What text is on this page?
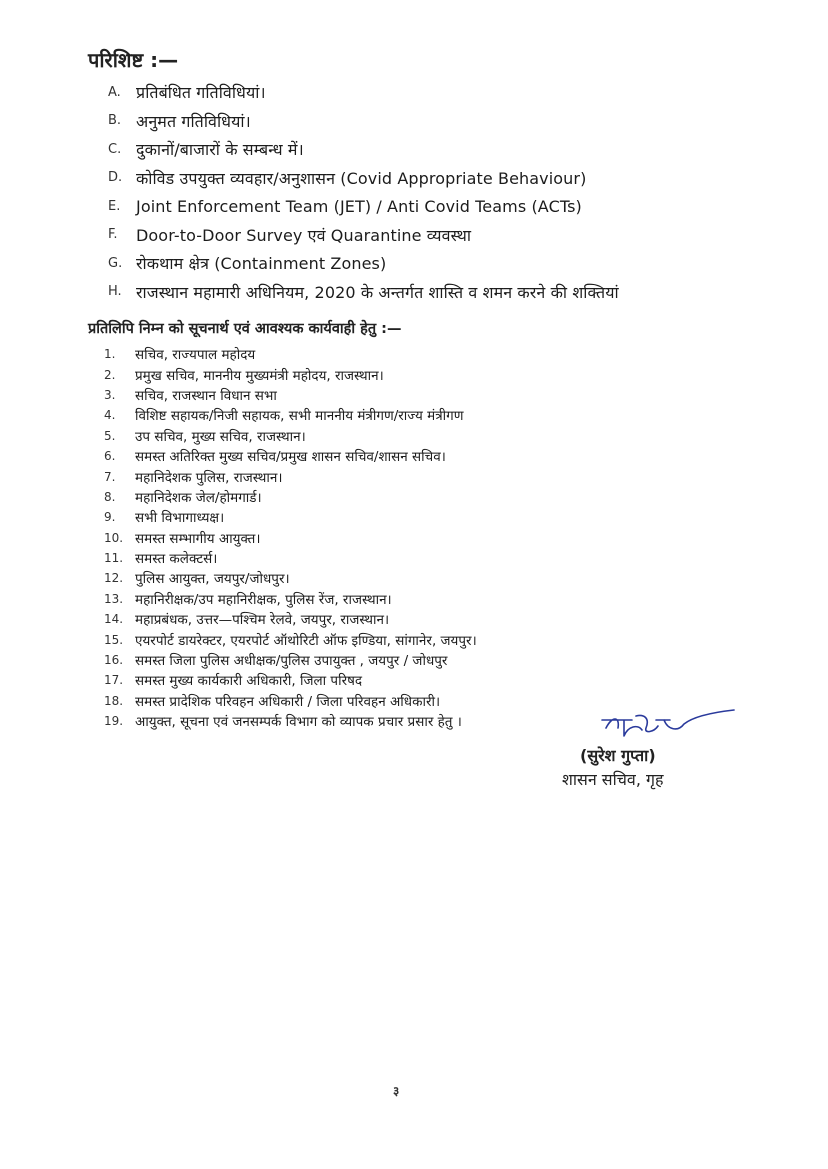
परिशिष्ट :—
A. प्रतिबंधित गतिविधियां।
B. अनुमत गतिविधियां।
C. दुकानों/बाजारों के सम्बन्ध में।
D. कोविड उपयुक्त व्यवहार/अनुशासन (Covid Appropriate Behaviour)
E. Joint Enforcement Team (JET) / Anti Covid Teams (ACTs)
F.	Door-to-Door Survey एवं Quarantine व्यवस्था
G. रोकथाम क्षेत्र (Containment Zones)
H. राजस्थान महामारी अधिनियम, 2020 के अन्तर्गत शास्ति व शमन करने की शक्तियां
प्रतिलिपि निम्न को सूचनार्थ एवं आवश्यक कार्यवाही हेतु :—
1.	सचिव, राज्यपाल महोदय
2.	प्रमुख सचिव, माननीय मुख्यमंत्री महोदय, राजस्थान।
3.	सचिव, राजस्थान विधान सभा
4.	विशिष्ट सहायक/निजी सहायक, सभी माननीय मंत्रीगण/राज्य मंत्रीगण
5.	उप सचिव, मुख्य सचिव, राजस्थान।
6.	समस्त अतिरिक्त मुख्य सचिव/प्रमुख शासन सचिव/शासन सचिव।
7.	महानिदेशक पुलिस, राजस्थान।
8.	महानिदेशक जेल/होमगार्ड।
9.	सभी विभागाध्यक्ष।
10. समस्त सम्भागीय आयुक्त।
11. समस्त कलेक्टर्स।
12. पुलिस आयुक्त, जयपुर/जोधपुर।
13. महानिरीक्षक/उप महानिरीक्षक, पुलिस रेंज, राजस्थान।
14. महाप्रबंधक, उत्तर—पश्चिम रेलवे, जयपुर, राजस्थान।
15. एयरपोर्ट डायरेक्टर, एयरपोर्ट ऑथोरिटी ऑफ इण्डिया, सांगानेर, जयपुर।
16. समस्त जिला पुलिस अधीक्षक/पुलिस उपायुक्त , जयपुर / जोधपुर
17. समस्त मुख्य कार्यकारी अधिकारी, जिला परिषद
18. समस्त प्रादेशिक परिवहन अधिकारी / जिला परिवहन अधिकारी।
19. आयुक्त, सूचना एवं जनसम्पर्क विभाग को व्यापक प्रचार प्रसार हेतु ।
(सुरेश गुप्ता)
शासन सचिव, गृह
३
